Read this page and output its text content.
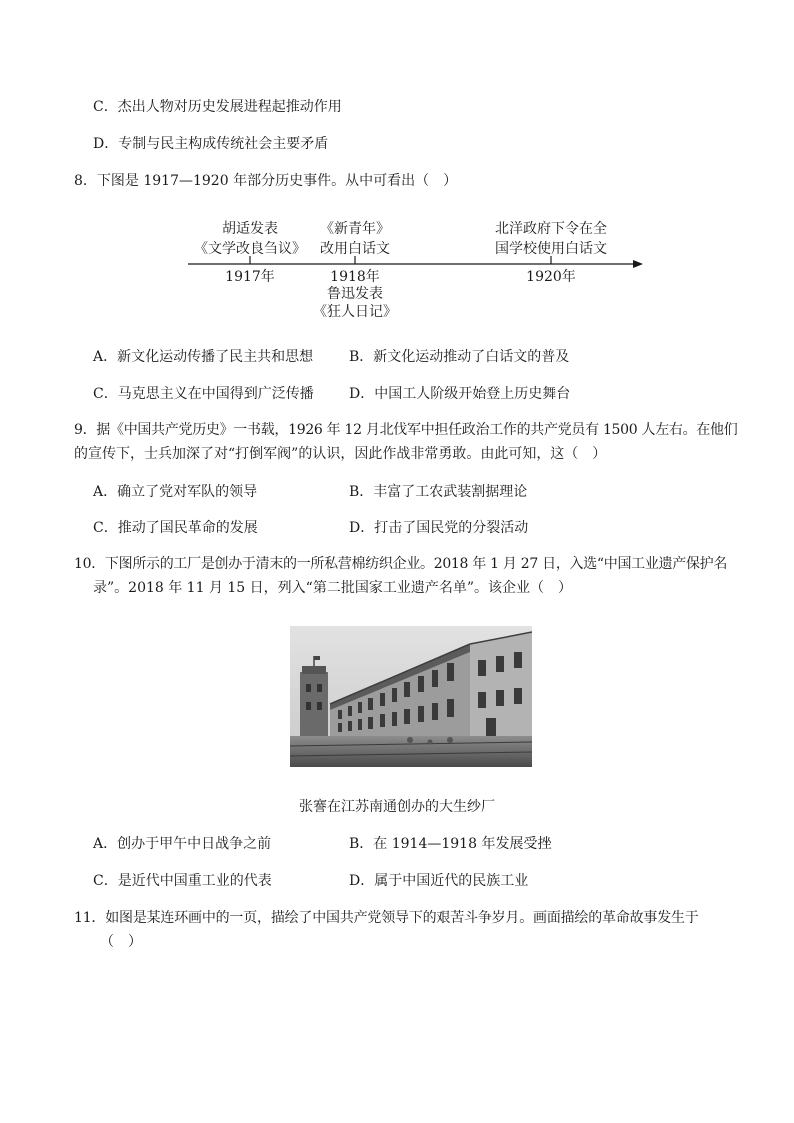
C．杰出人物对历史发展进程起推动作用
D．专制与民主构成传统社会主要矛盾
8．下图是 1917—1920 年部分历史事件。从中可看出（　）
胡适发表
《文学改良刍议》
《新青年》
改用白话文
北洋政府下令在全
国学校使用白话文
1917年	1918年	1920年
鲁迅发表
《狂人日记》
A．新文化运动传播了民主共和思想	B．新文化运动推动了白话文的普及
C．马克思主义在中国得到广泛传播	D．中国工人阶级开始登上历史舞台
9．据《中国共产党历史》一书载，1926 年 12 月北伐军中担任政治工作的共产党员有 1500 人左右。在他们
的宣传下，士兵加深了对“打倒军阀”的认识，因此作战非常勇敢。由此可知，这（　）
A．确立了党对军队的领导	B．丰富了工农武装割据理论
C．推动了国民革命的发展	D．打击了国民党的分裂活动
10．下图所示的工厂是创办于清末的一所私营棉纺织企业。2018 年 1 月 27 日，入选“中国工业遗产保护名
录”。2018 年 11 月 15 日，列入“第二批国家工业遗产名单”。该企业（　）
张謇在江苏南通创办的大生纱厂
A．创办于甲午中日战争之前	B．在 1914—1918 年发展受挫
C．是近代中国重工业的代表	D．属于中国近代的民族工业
11．如图是某连环画中的一页，描绘了中国共产党领导下的艰苦斗争岁月。画面描绘的革命故事发生于
（　）
